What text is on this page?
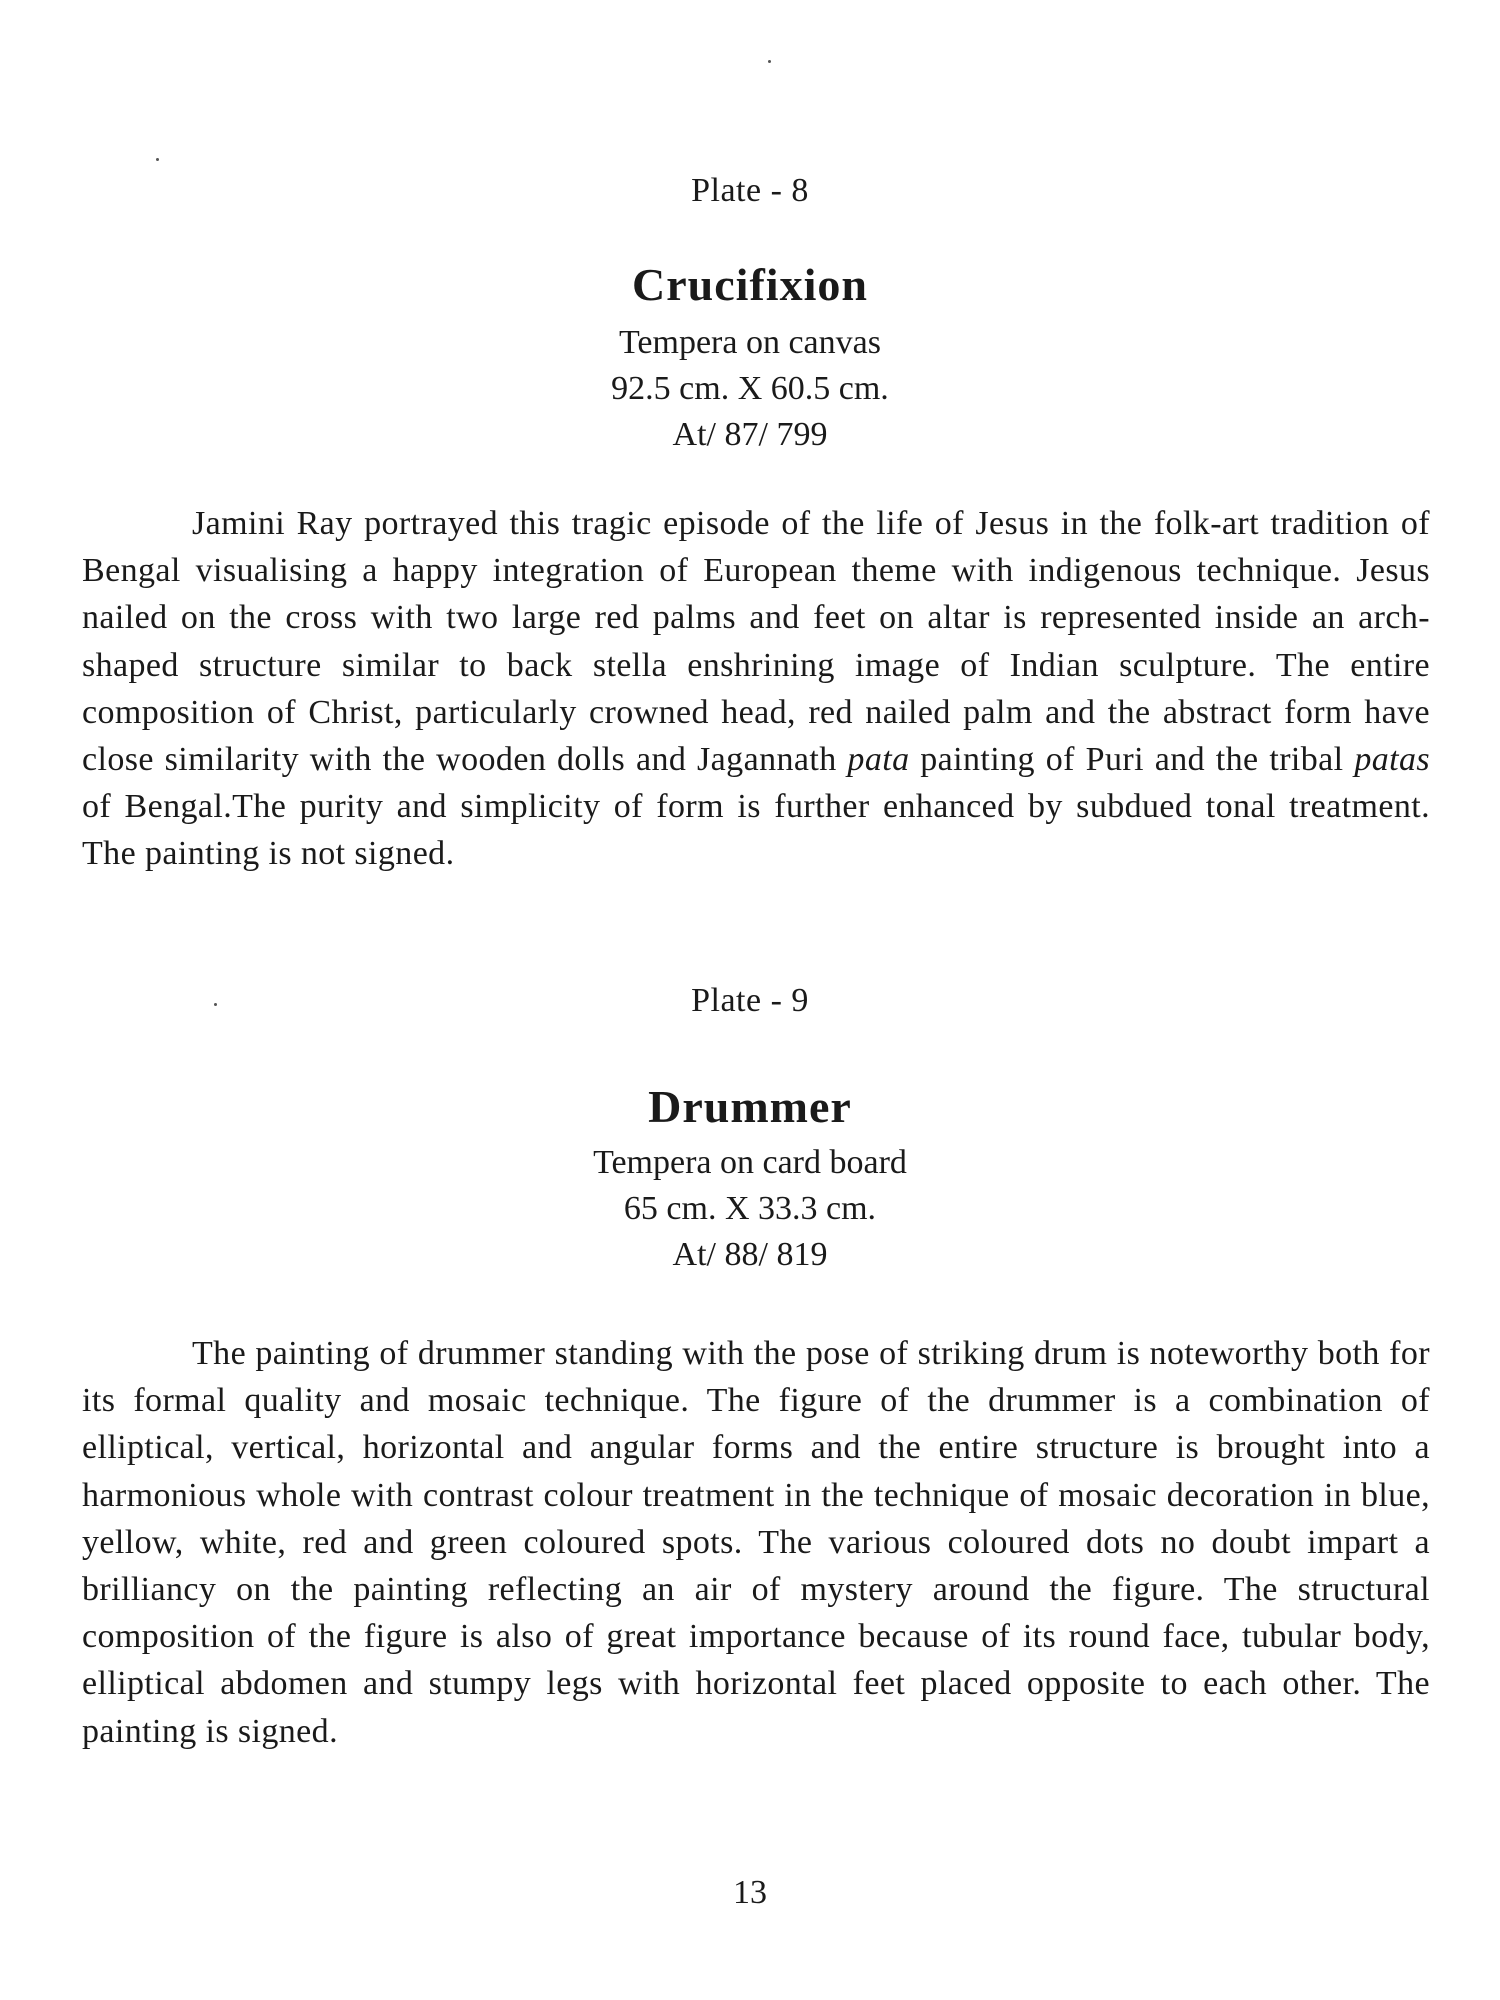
Plate - 8
Crucifixion
Tempera on canvas
92.5 cm. X 60.5 cm.
At/ 87/ 799

Jamini Ray portrayed this tragic episode of the life of Jesus in the folk-art tradition of Bengal visualising a happy integration of European theme with indigenous technique. Jesus nailed on the cross with two large red palms and feet on altar is represented inside an arch-shaped structure similar to back stella enshrining image of Indian sculpture. The entire composition of Christ, particularly crowned head, red nailed palm and the abstract form have close similarity with the wooden dolls and Jagannath pata painting of Puri and the tribal patas of Bengal.The purity and simplicity of form is further enhanced by subdued tonal treatment. The painting is not signed.

Plate - 9
Drummer
Tempera on card board
65 cm. X 33.3 cm.
At/ 88/ 819

The painting of drummer standing with the pose of striking drum is noteworthy both for its formal quality and mosaic technique. The figure of the drummer is a combination of elliptical, vertical, horizontal and angular forms and the entire structure is brought into a harmonious whole with contrast colour treatment in the technique of mosaic decoration in blue, yellow, white, red and green coloured spots. The various coloured dots no doubt impart a brilliancy on the painting reflecting an air of mystery around the figure. The structural composition of the figure is also of great importance because of its round face, tubular body, elliptical abdomen and stumpy legs with horizontal feet placed opposite to each other. The painting is signed.

13
